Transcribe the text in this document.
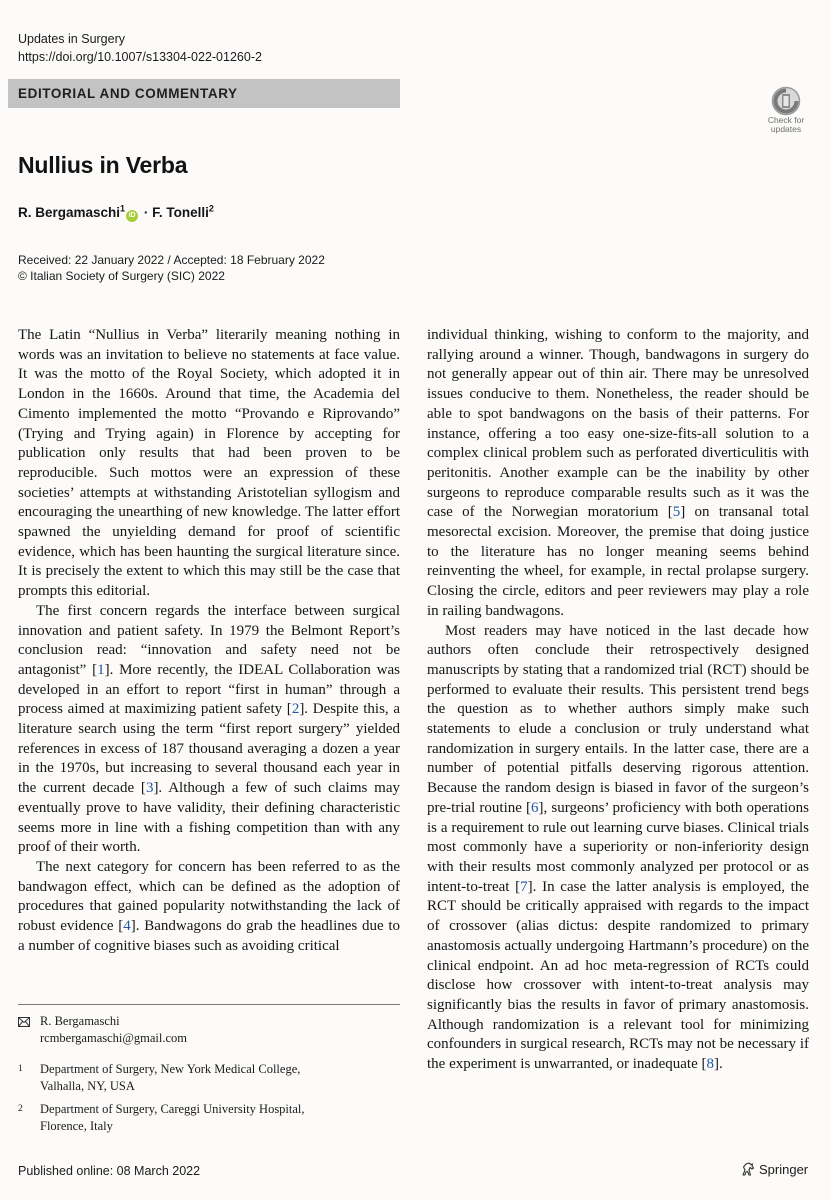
Updates in Surgery
https://doi.org/10.1007/s13304-022-01260-2
EDITORIAL AND COMMENTARY
Check for
updates
Nullius in Verba
R. Bergamaschi$^1$iD · F. Tonelli$^2$
Received: 22 January 2022 / Accepted: 18 February 2022
© Italian Society of Surgery (SIC) 2022

The Latin “Nullius in Verba” literarily meaning nothing in words was an invitation to believe no statements at face value. It was the motto of the Royal Society, which adopted it in London in the 1660s. Around that time, the Academia del Cimento implemented the motto “Provando e Riprovando” (Trying and Trying again) in Florence by accepting for publication only results that had been proven to be reproducible. Such mottos were an expression of these societies’ attempts at withstanding Aristotelian syllogism and encouraging the unearthing of new knowledge. The latter effort spawned the unyielding demand for proof of scientific evidence, which has been haunting the surgical literature since. It is precisely the extent to which this may still be the case that prompts this editorial.

The first concern regards the interface between surgical innovation and patient safety. In 1979 the Belmont Report’s conclusion read: “innovation and safety need not be antagonist” [1]. More recently, the IDEAL Collaboration was developed in an effort to report “first in human” through a process aimed at maximizing patient safety [2]. Despite this, a literature search using the term “first report surgery” yielded references in excess of 187 thousand averaging a dozen a year in the 1970s, but increasing to several thousand each year in the current decade [3]. Although a few of such claims may eventually prove to have validity, their defining characteristic seems more in line with a fishing competition than with any proof of their worth.

The next category for concern has been referred to as the bandwagon effect, which can be defined as the adoption of procedures that gained popularity notwithstanding the lack of robust evidence [4]. Bandwagons do grab the headlines due to a number of cognitive biases such as avoiding critical

individual thinking, wishing to conform to the majority, and rallying around a winner. Though, bandwagons in surgery do not generally appear out of thin air. There may be unresolved issues conducive to them. Nonetheless, the reader should be able to spot bandwagons on the basis of their patterns. For instance, offering a too easy one-size-fits-all solution to a complex clinical problem such as perforated diverticulitis with peritonitis. Another example can be the inability by other surgeons to reproduce comparable results such as it was the case of the Norwegian moratorium [5] on transanal total mesorectal excision. Moreover, the premise that doing justice to the literature has no longer meaning seems behind reinventing the wheel, for example, in rectal prolapse surgery. Closing the circle, editors and peer reviewers may play a role in railing bandwagons.

Most readers may have noticed in the last decade how authors often conclude their retrospectively designed manuscripts by stating that a randomized trial (RCT) should be performed to evaluate their results. This persistent trend begs the question as to whether authors simply make such statements to elude a conclusion or truly understand what randomization in surgery entails. In the latter case, there are a number of potential pitfalls deserving rigorous attention. Because the random design is biased in favor of the surgeon’s pre-trial routine [6], surgeons’ proficiency with both operations is a requirement to rule out learning curve biases. Clinical trials most commonly have a superiority or non-inferiority design with their results most commonly analyzed per protocol or as intent-to-treat [7]. In case the latter analysis is employed, the RCT should be critically appraised with regards to the impact of crossover (alias dictus: despite randomized to primary anastomosis actually undergoing Hartmann’s procedure) on the clinical endpoint. An ad hoc meta-regression of RCTs could disclose how crossover with intent-to-treat analysis may significantly bias the results in favor of primary anastomosis. Although randomization is a relevant tool for minimizing confounders in surgical research, RCTs may not be necessary if the experiment is unwarranted, or inadequate [8].

R. Bergamaschi
rcmbergamaschi@gmail.com
1 Department of Surgery, New York Medical College,
Valhalla, NY, USA
2 Department of Surgery, Careggi University Hospital,
Florence, Italy
Published online: 08 March 2022	Springer
